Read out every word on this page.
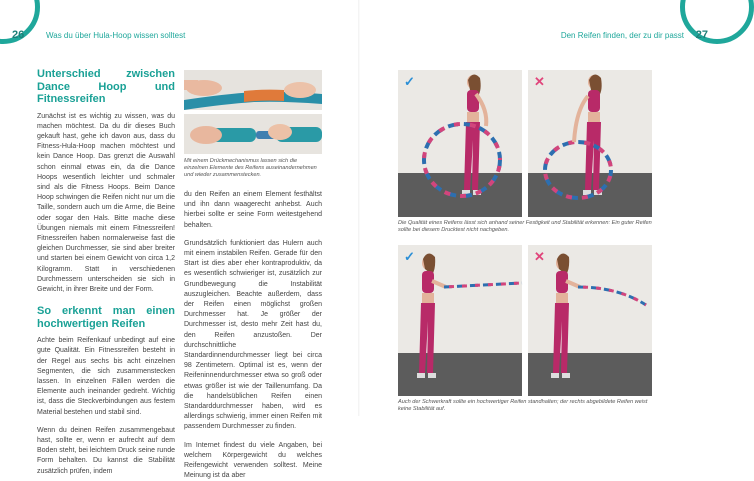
26	Was du über Hula-Hoop wissen solltest
Unterschied zwischen Dance Hoop und Fitnessreifen

Zunächst ist es wichtig zu wissen, was du machen möchtest. Da du dir dieses Buch gekauft hast, gehe ich davon aus, dass du Fitness-Hula-Hoop machen möchtest und kein Dance Hoop. Das grenzt die Auswahl schon einmal etwas ein, da die Dance Hoops wesentlich leichter und schmaler sind als die Fitness Hoops. Beim Dance Hoop schwingen die Reifen nicht nur um die Taille, sondern auch um die Arme, die Beine oder sogar den Hals. Bitte mache diese Übungen niemals mit einem Fitnessreifen! Fitnessreifen haben normalerweise fast die gleichen Durchmesser, sie sind aber breiter und starten bei einem Gewicht von circa 1,2 Kilogramm. Statt in verschiedenen Durchmessern unterscheiden sie sich in Gewicht, in ihrer Breite und der Form.

So erkennt man einen hochwertigen Reifen

Achte beim Reifenkauf unbedingt auf eine gute Qualität. Ein Fitnessreifen besteht in der Regel aus sechs bis acht einzelnen Segmenten, die sich zusammenstecken lassen. In einzelnen Fällen werden die Elemente auch ineinander gedreht. Wichtig ist, dass die Steckverbindungen aus festem Material bestehen und stabil sind.

Wenn du deinen Reifen zusammengebaut hast, sollte er, wenn er aufrecht auf dem Boden steht, bei leichtem Druck seine runde Form behalten. Du kannst die Stabilität zusätzlich prüfen, indem

Mit einem Drückmechanismus lassen sich die einzelnen Elemente des Reifens auseinandernehmen und wieder zusammenstecken.

du den Reifen an einem Element festhältst und ihn dann waagerecht anhebst. Auch hierbei sollte er seine Form weitestgehend behalten.

Grundsätzlich funktioniert das Hulern auch mit einem instabilen Reifen. Gerade für den Start ist dies aber eher kontraproduktiv, da es wesentlich schwieriger ist, zusätzlich zur Grundbewegung die Instabilität auszugleichen. Beachte außerdem, dass der Reifen einen möglichst großen Durchmesser hat. Je größer der Durchmesser ist, desto mehr Zeit hast du, den Reifen anzustoßen. Der durchschnittliche Standardinnendurchmesser liegt bei circa 98 Zentimetern. Optimal ist es, wenn der Reifeninnendurchmesser etwa so groß oder etwas größer ist wie der Taillenumfang. Da die handelsüblichen Reifen einen Standarddurchmesser haben, wird es allerdings schwierig, immer einen Reifen mit passendem Durchmesser zu finden.

Im Internet findest du viele Angaben, bei welchem Körpergewicht du welches Reifengewicht verwenden solltest. Meine Meinung ist da aber

27
Den Reifen finden, der zu dir passt
✓	✕
Die Qualität eines Reifens lässt sich anhand seiner Festigkeit und Stabilität erkennen: Ein guter Reifen sollte bei diesem Drucktest nicht nachgeben.
✓	✕
Auch der Schwerkraft sollte ein hochwertiger Reifen standhalten; der rechts abgebildete Reifen weist keine Stabilität auf.
